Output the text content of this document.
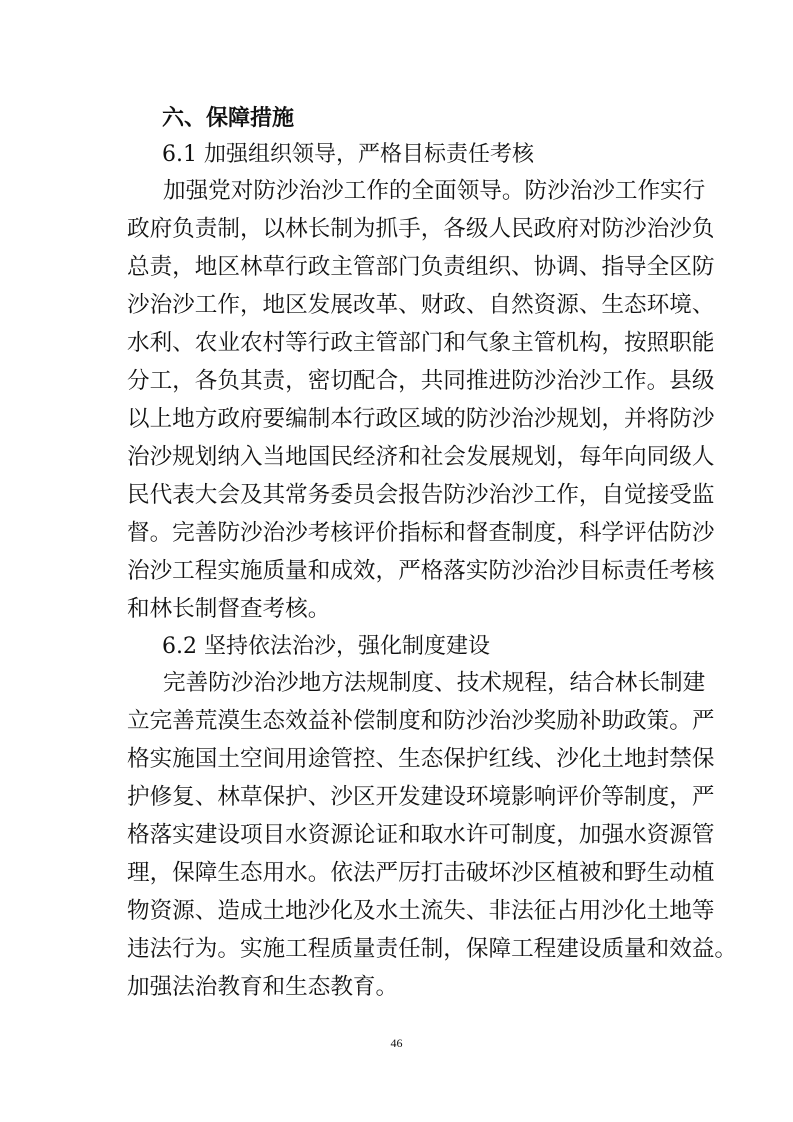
六、保障措施
6.1 加强组织领导，严格目标责任考核
加强党对防沙治沙工作的全面领导。防沙治沙工作实行
政府负责制，以林长制为抓手，各级人民政府对防沙治沙负
总责，地区林草行政主管部门负责组织、协调、指导全区防
沙治沙工作，地区发展改革、财政、自然资源、生态环境、
水利、农业农村等行政主管部门和气象主管机构，按照职能
分工，各负其责，密切配合，共同推进防沙治沙工作。县级
以上地方政府要编制本行政区域的防沙治沙规划，并将防沙
治沙规划纳入当地国民经济和社会发展规划，每年向同级人
民代表大会及其常务委员会报告防沙治沙工作，自觉接受监
督。完善防沙治沙考核评价指标和督查制度，科学评估防沙
治沙工程实施质量和成效，严格落实防沙治沙目标责任考核
和林长制督查考核。
6.2 坚持依法治沙，强化制度建设
完善防沙治沙地方法规制度、技术规程，结合林长制建
立完善荒漠生态效益补偿制度和防沙治沙奖励补助政策。严
格实施国土空间用途管控、生态保护红线、沙化土地封禁保
护修复、林草保护、沙区开发建设环境影响评价等制度，严
格落实建设项目水资源论证和取水许可制度，加强水资源管
理，保障生态用水。依法严厉打击破坏沙区植被和野生动植
物资源、造成土地沙化及水土流失、非法征占用沙化土地等
违法行为。实施工程质量责任制，保障工程建设质量和效益。
加强法治教育和生态教育。
46
